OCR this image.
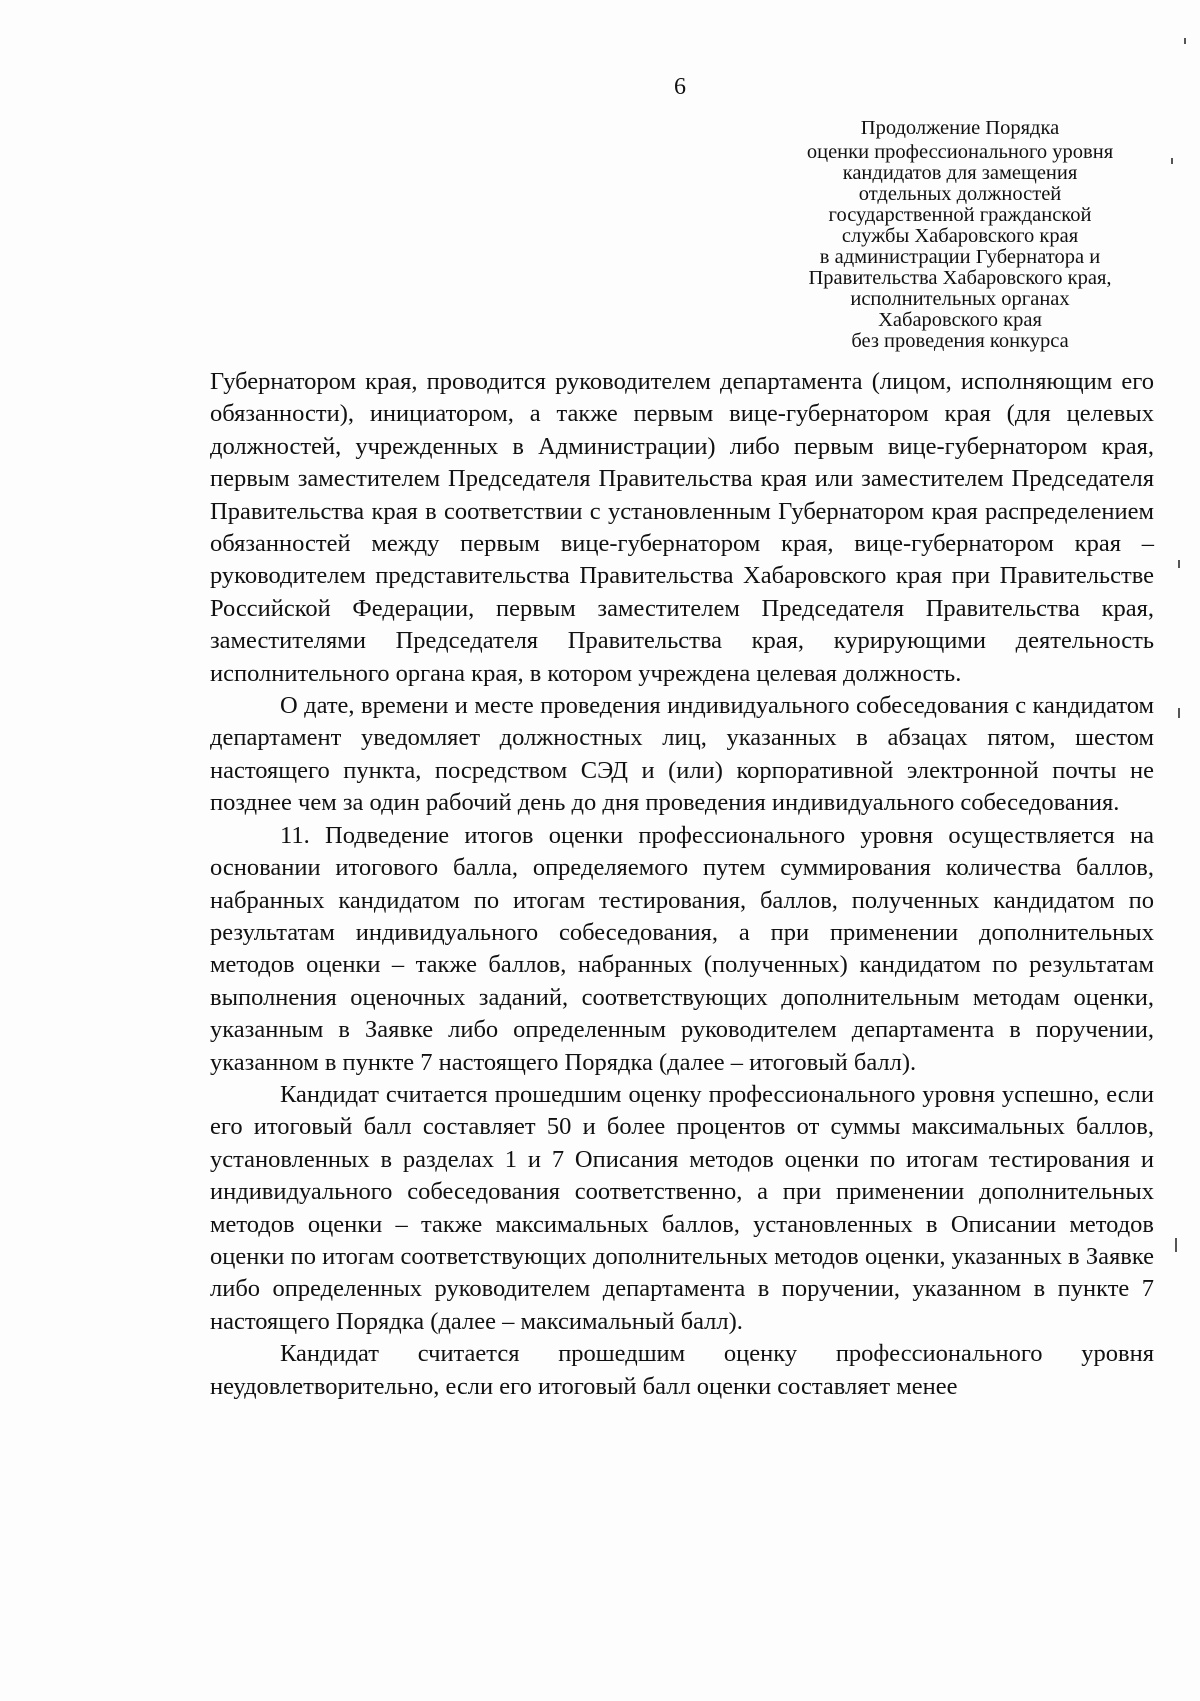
6
Продолжение Порядка
оценки профессионального уровня
кандидатов для замещения
отдельных должностей
государственной гражданской
службы Хабаровского края
в администрации Губернатора и
Правительства Хабаровского края,
исполнительных органах
Хабаровского края
без проведения конкурса

Губернатором края, проводится руководителем департамента (лицом, исполняющим его обязанности), инициатором, а также первым вице-губернатором края (для целевых должностей, учрежденных в Администрации) либо первым вице-губернатором края, первым заместителем Председателя Правительства края или заместителем Председателя Правительства края в соответствии с установленным Губернатором края распределением обязанностей между первым вице-губернатором края, вице-губернатором края – руководителем представительства Правительства Хабаровского края при Правительстве Российской Федерации, первым заместителем Председателя Правительства края, заместителями Председателя Правительства края, курирующими деятельность исполнительного органа края, в котором учреждена целевая должность.

О дате, времени и месте проведения индивидуального собеседования с кандидатом департамент уведомляет должностных лиц, указанных в абзацах пятом, шестом настоящего пункта, посредством СЭД и (или) корпоративной электронной почты не позднее чем за один рабочий день до дня проведения индивидуального собеседования.

11. Подведение итогов оценки профессионального уровня осуществляется на основании итогового балла, определяемого путем суммирования количества баллов, набранных кандидатом по итогам тестирования, баллов, полученных кандидатом по результатам индивидуального собеседования, а при применении дополнительных методов оценки – также баллов, набранных (полученных) кандидатом по результатам выполнения оценочных заданий, соответствующих дополнительным методам оценки, указанным в Заявке либо определенным руководителем департамента в поручении, указанном в пункте 7 настоящего Порядка (далее – итоговый балл).

Кандидат считается прошедшим оценку профессионального уровня успешно, если его итоговый балл составляет 50 и более процентов от суммы максимальных баллов, установленных в разделах 1 и 7 Описания методов оценки по итогам тестирования и индивидуального собеседования соответственно, а при применении дополнительных методов оценки – также максимальных баллов, установленных в Описании методов оценки по итогам соответствующих дополнительных методов оценки, указанных в Заявке либо определенных руководителем департамента в поручении, указанном в пункте 7 настоящего Порядка (далее – максимальный балл).

Кандидат считается прошедшим оценку профессионального уровня неудовлетворительно, если его итоговый балл оценки составляет менее
